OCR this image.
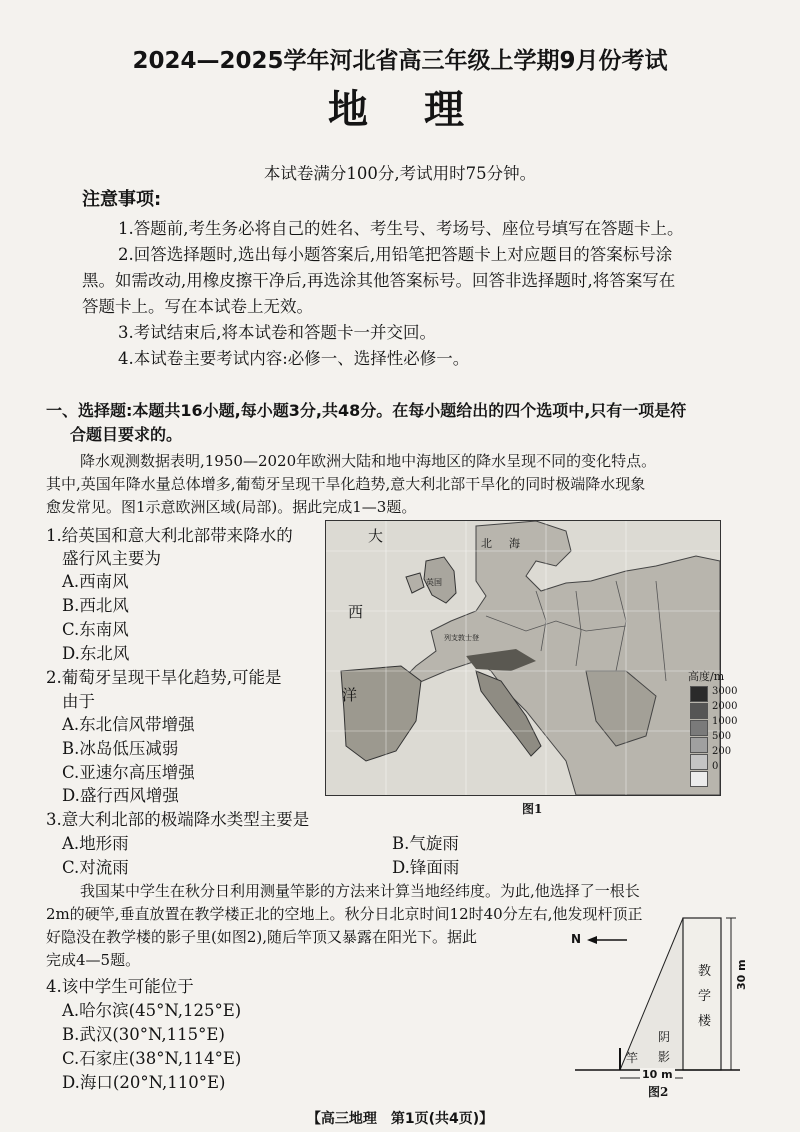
2024—2025学年河北省高三年级上学期9月份考试
地　理
本试卷满分100分,考试用时75分钟。
注意事项:
1.答题前,考生务必将自己的姓名、考生号、考场号、座位号填写在答题卡上。
2.回答选择题时,选出每小题答案后,用铅笔把答题卡上对应题目的答案标号涂
黑。如需改动,用橡皮擦干净后,再选涂其他答案标号。回答非选择题时,将答案写在
答题卡上。写在本试卷上无效。
3.考试结束后,将本试卷和答题卡一并交回。
4.本试卷主要考试内容:必修一、选择性必修一。
一、选择题:本题共16小题,每小题3分,共48分。在每小题给出的四个选项中,只有一项是符
合题目要求的。
降水观测数据表明,1950—2020年欧洲大陆和地中海地区的降水呈现不同的变化特点。
其中,英国年降水量总体增多,葡萄牙呈现干旱化趋势,意大利北部干旱化的同时极端降水现象
愈发常见。图1示意欧洲区域(局部)。据此完成1—3题。
1.给英国和意大利北部带来降水的
盛行风主要为
A.西南风
B.西北风
C.东南风
D.东北风
2.葡萄牙呈现干旱化趋势,可能是
由于
A.东北信风带增强
B.冰岛低压减弱
C.亚速尔高压增强
D.盛行西风增强
大
西
洋
北 海
英国
列支敦士登
图1
高度/m
3000
2000
1000
500
200
0
3.意大利北部的极端降水类型主要是
A.地形雨	B.气旋雨
C.对流雨	D.锋面雨
我国某中学生在秋分日利用测量竿影的方法来计算当地经纬度。为此,他选择了一根长
2m的硬竿,垂直放置在教学楼正北的空地上。秋分日北京时间12时40分左右,他发现杆顶正
好隐没在教学楼的影子里(如图2),随后竿顶又暴露在阳光下。据此
完成4—5题。
4.该中学生可能位于
A.哈尔滨(45°N,125°E)
B.武汉(30°N,115°E)
C.石家庄(38°N,114°E)
D.海口(20°N,110°E)
N
阴
影
教
学
楼
30 m
竿
10 m
图2
【高三地理　第1页(共4页)】
